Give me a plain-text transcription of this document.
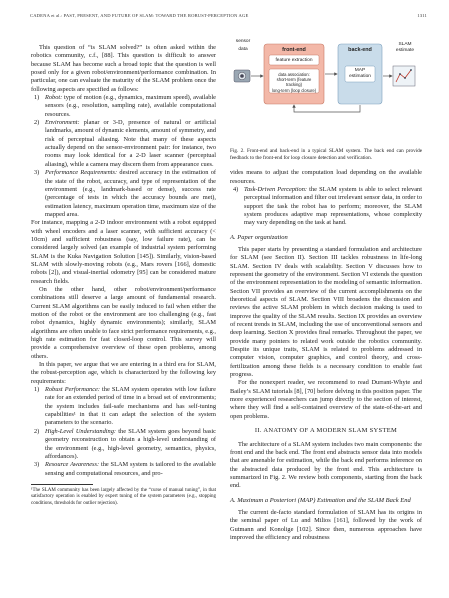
CADENA et al.: PAST, PRESENT, AND FUTURE OF SLAM: TOWARD THE ROBUST-PERCEPTION AGE	1311

This question of “is SLAM solved?” is often asked within the robotics community, c.f., [88]. This question is difficult to answer because SLAM has become such a broad topic that the question is well posed only for a given robot/environment/performance combination. In particular, one can evaluate the maturity of the SLAM problem once the following aspects are specified as follows:

1) Robot: type of motion (e.g., dynamics, maximum speed), available sensors (e.g., resolution, sampling rate), available computational resources.
2) Environment: planar or 3-D, presence of natural or artificial landmarks, amount of dynamic elements, amount of symmetry, and risk of perceptual aliasing. Note that many of these aspects actually depend on the sensor-environment pair: for instance, two rooms may look identical for a 2-D laser scanner (perceptual aliasing), while a camera may discern them from appearance cues.
3) Performance Requirements: desired accuracy in the estimation of the state of the robot, accuracy, and type of representation of the environment (e.g., landmark-based or dense), success rate (percentage of tests in which the accuracy bounds are met), estimation latency, maximum operation time, maximum size of the mapped area.

For instance, mapping a 2-D indoor environment with a robot equipped with wheel encoders and a laser scanner, with sufficient accuracy (< 10cm) and sufficient robustness (say, low failure rate), can be considered largely solved (an example of industrial system performing SLAM is the Kuka Navigation Solution [145]). Similarly, vision-based SLAM with slowly-moving robots (e.g., Mars rovers [166], domestic robots [2]), and visual-inertial odometry [95] can be considered mature research fields.

On the other hand, other robot/environment/performance combinations still deserve a large amount of fundamental research. Current SLAM algorithms can be easily induced to fail when either the motion of the robot or the environment are too challenging (e.g., fast robot dynamics, highly dynamic environments); similarly, SLAM algorithms are often unable to face strict performance requirements, e.g., high rate estimation for fast closed-loop control. This survey will provide a comprehensive overview of these open problems, among others.

In this paper, we argue that we are entering in a third era for SLAM, the robust-perception age, which is characterized by the following key requirements:

1) Robust Performance: the SLAM system operates with low failure rate for an extended period of time in a broad set of environments; the system includes fail-safe mechanisms and has self-tuning capabilities¹ in that it can adapt the selection of the system parameters to the scenario.
2) High-Level Understanding: the SLAM system goes beyond basic geometry reconstruction to obtain a high-level understanding of the environment (e.g., high-level geometry, semantics, physics, affordances).
3) Resource Awareness: the SLAM system is tailored to the available sensing and computational resources, and pro-
¹The SLAM community has been largely affected by the “curse of manual tuning”, in that satisfactory operation is enabled by expert tuning of the system parameters (e.g., stopping conditions, thresholds for outlier rejection).
sensor
data	front-end
feature extraction
data association:
short-term (feature tracking)
long-term (loop closure)
back-end
MAP
estimation
SLAM
estimate
Fig. 2. Front-end and back-end in a typical SLAM system. The back end can provide feedback to the front-end for loop closure detection and verification.

vides means to adjust the computation load depending on the available resources.

4) Task-Driven Perception: the SLAM system is able to select relevant perceptual information and filter out irrelevant sensor data, in order to support the task the robot has to perform; moreover, the SLAM system produces adaptive map representations, whose complexity may vary depending on the task at hand.
A. Paper organization

This paper starts by presenting a standard formulation and architecture for SLAM (see Section II). Section III tackles robustness in life-long SLAM. Section IV deals with scalability. Section V discusses how to represent the geometry of the environment. Section VI extends the question of the environment representation to the modeling of semantic information. Section VII provides an overview of the current accomplishments on the theoretical aspects of SLAM. Section VIII broadens the discussion and reviews the active SLAM problem in which decision making is used to improve the quality of the SLAM results. Section IX provides an overview of recent trends in SLAM, including the use of unconventional sensors and deep learning. Section X provides final remarks. Throughout the paper, we provide many pointers to related work outside the robotics community. Despite its unique traits, SLAM is related to problems addressed in computer vision, computer graphics, and control theory, and cross-fertilization among these fields is a necessary condition to enable fast progress.

For the nonexpert reader, we recommend to read Durrant-Whyte and Bailey’s SLAM tutorials [8], [70] before delving in this position paper. The more experienced researchers can jump directly to the section of interest, where they will find a self-contained overview of the state-of-the-art and open problems.

II. ANATOMY OF A MODERN SLAM SYSTEM

The architecture of a SLAM system includes two main components: the front end and the back end. The front end abstracts sensor data into models that are amenable for estimation, while the back end performs inference on the abstracted data produced by the front end. This architecture is summarized in Fig. 2. We review both components, starting from the back end.

A. Maximum a Posteriori (MAP) Estimation and the SLAM Back End

The current de-facto standard formulation of SLAM has its origins in the seminal paper of Lu and Milios [161], followed by the work of Gutmann and Konolige [102]. Since then, numerous approaches have improved the efficiency and robustness
